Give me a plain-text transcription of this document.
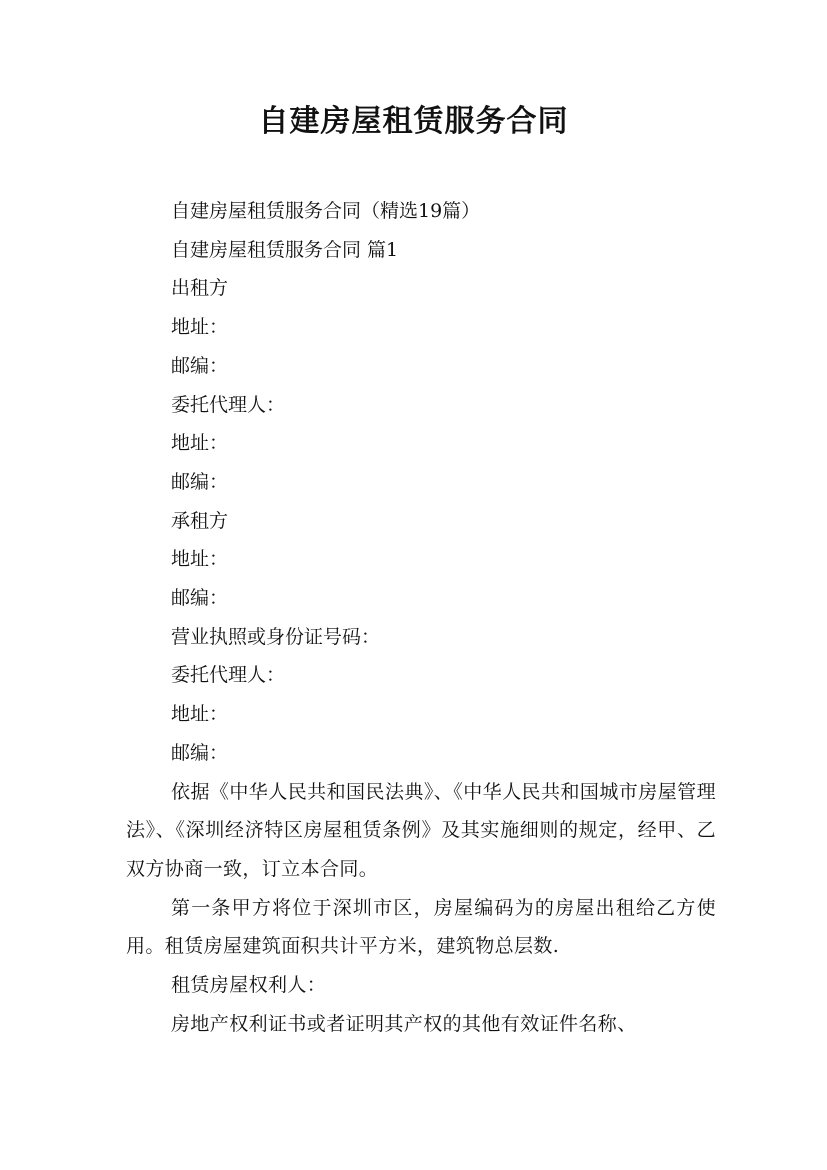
自建房屋租赁服务合同

自建房屋租赁服务合同（精选19篇）

自建房屋租赁服务合同 篇1

出租方

地址：

邮编：

委托代理人：

地址：

邮编：

承租方

地址：

邮编：

营业执照或身份证号码：

委托代理人：

地址：

邮编：

依据《中华人民共和国民法典》、《中华人民共和国城市房屋管理法》、《深圳经济特区房屋租赁条例》及其实施细则的规定，经甲、乙双方协商一致，订立本合同。

第一条甲方将位于深圳市区，房屋编码为的房屋出租给乙方使用。租赁房屋建筑面积共计平方米，建筑物总层数.

租赁房屋权利人：

房地产权利证书或者证明其产权的其他有效证件名称、
